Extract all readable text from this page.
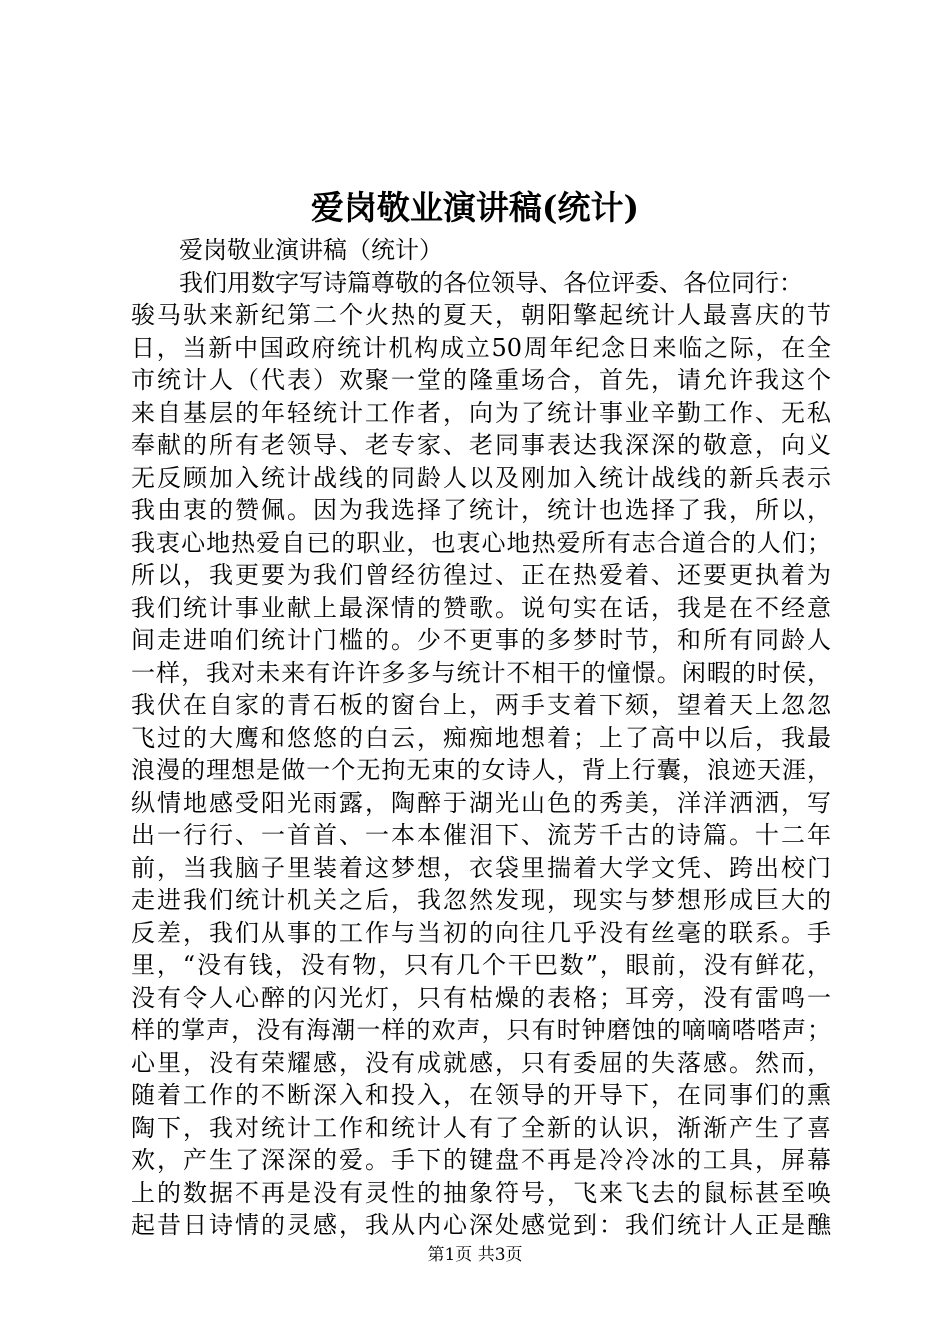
爱岗敬业演讲稿(统计)
爱岗敬业演讲稿（统计）
我们用数字写诗篇尊敬的各位领导、各位评委、各位同行：
骏马驮来新纪第二个火热的夏天，朝阳擎起统计人最喜庆的节
日，当新中国政府统计机构成立50周年纪念日来临之际，在全
市统计人（代表）欢聚一堂的隆重场合，首先，请允许我这个
来自基层的年轻统计工作者，向为了统计事业辛勤工作、无私
奉献的所有老领导、老专家、老同事表达我深深的敬意，向义
无反顾加入统计战线的同龄人以及刚加入统计战线的新兵表示
我由衷的赞佩。因为我选择了统计，统计也选择了我，所以，
我衷心地热爱自已的职业，也衷心地热爱所有志合道合的人们；
所以，我更要为我们曾经彷徨过、正在热爱着、还要更执着为
我们统计事业献上最深情的赞歌。说句实在话，我是在不经意
间走进咱们统计门槛的。少不更事的多梦时节，和所有同龄人
一样，我对未来有许许多多与统计不相干的憧憬。闲暇的时侯，
我伏在自家的青石板的窗台上，两手支着下颏，望着天上忽忽
飞过的大鹰和悠悠的白云，痴痴地想着；上了高中以后，我最
浪漫的理想是做一个无拘无束的女诗人，背上行囊，浪迹天涯，
纵情地感受阳光雨露，陶醉于湖光山色的秀美，洋洋洒洒，写
出一行行、一首首、一本本催泪下、流芳千古的诗篇。十二年
前，当我脑子里装着这梦想，衣袋里揣着大学文凭、跨出校门
走进我们统计机关之后，我忽然发现，现实与梦想形成巨大的
反差，我们从事的工作与当初的向往几乎没有丝毫的联系。手
里，“没有钱，没有物，只有几个干巴数”，眼前，没有鲜花，
没有令人心醉的闪光灯，只有枯燥的表格；耳旁，没有雷鸣一
样的掌声，没有海潮一样的欢声，只有时钟磨蚀的嘀嘀嗒嗒声；
心里，没有荣耀感，没有成就感，只有委屈的失落感。然而，
随着工作的不断深入和投入，在领导的开导下，在同事们的熏
陶下，我对统计工作和统计人有了全新的认识，渐渐产生了喜
欢，产生了深深的爱。手下的键盘不再是冷冷冰的工具，屏幕
上的数据不再是没有灵性的抽象符号，飞来飞去的鼠标甚至唤
起昔日诗情的灵感，我从内心深处感觉到：我们统计人正是醮
第1页 共3页
